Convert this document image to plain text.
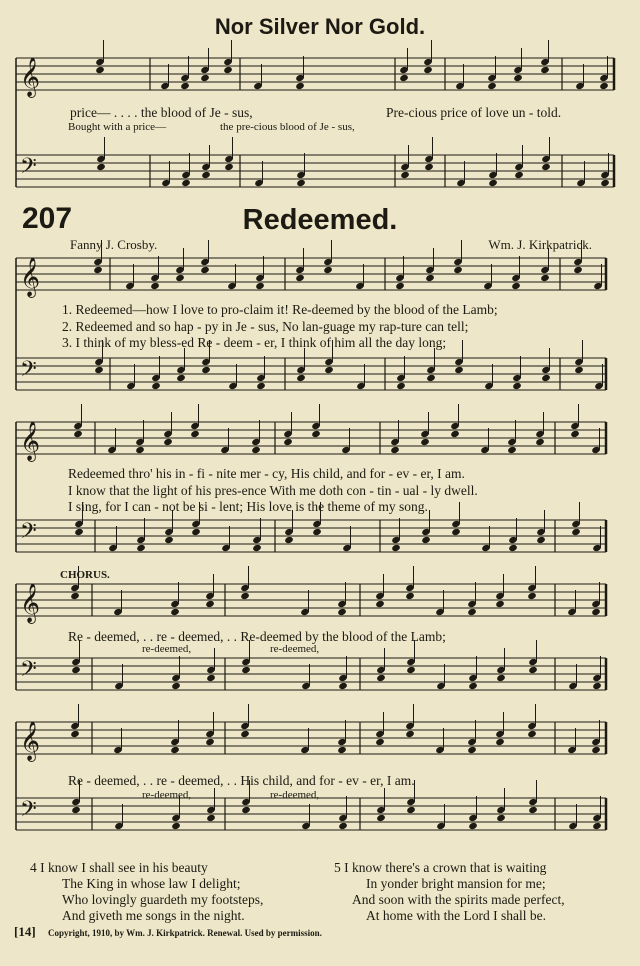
Nor Silver Nor Gold.
207	Redeemed.
Fanny J. Crosby.	Wm. J. Kirkpatrick.
𝄞
𝄢
𝄞
𝄢
𝄞
𝄢
𝄞
𝄢
𝄞
𝄢
price— . . . . the blood of Je - sus,	Pre-cious price of love un - told.
Bought with a price—	the pre-cious blood of Je - sus,
1. Redeemed—how I love to pro-claim it! Re-deemed by the blood of the Lamb;
2. Redeemed and so hap - py in Je - sus, No lan-guage my rap-ture can tell;
3. I think of my bless-ed Re - deem - er, I think of him all the day long;
Redeemed thro' his in - fi - nite mer - cy, His child, and for - ev - er, I am.
I know that the light of his pres-ence With me doth con - tin - ual - ly dwell.
I sing, for I can - not be si - lent; His love is the theme of my song.
CHORUS.
Re - deemed, . . re - deemed, . . Re-deemed by the blood of the Lamb;
re-deemed,	re-deemed,
Re - deemed, . . re - deemed, . . His child, and for - ev - er, I am.
re-deemed,	re-deemed,
4 I know I shall see in his beauty
The King in whose law I delight;
Who lovingly guardeth my footsteps,
And giveth me songs in the night.
5 I know there's a crown that is waiting
In yonder bright mansion for me;
And soon with the spirits made perfect,
At home with the Lord I shall be.
[14] Copyright, 1910, by Wm. J. Kirkpatrick. Renewal. Used by permission.
